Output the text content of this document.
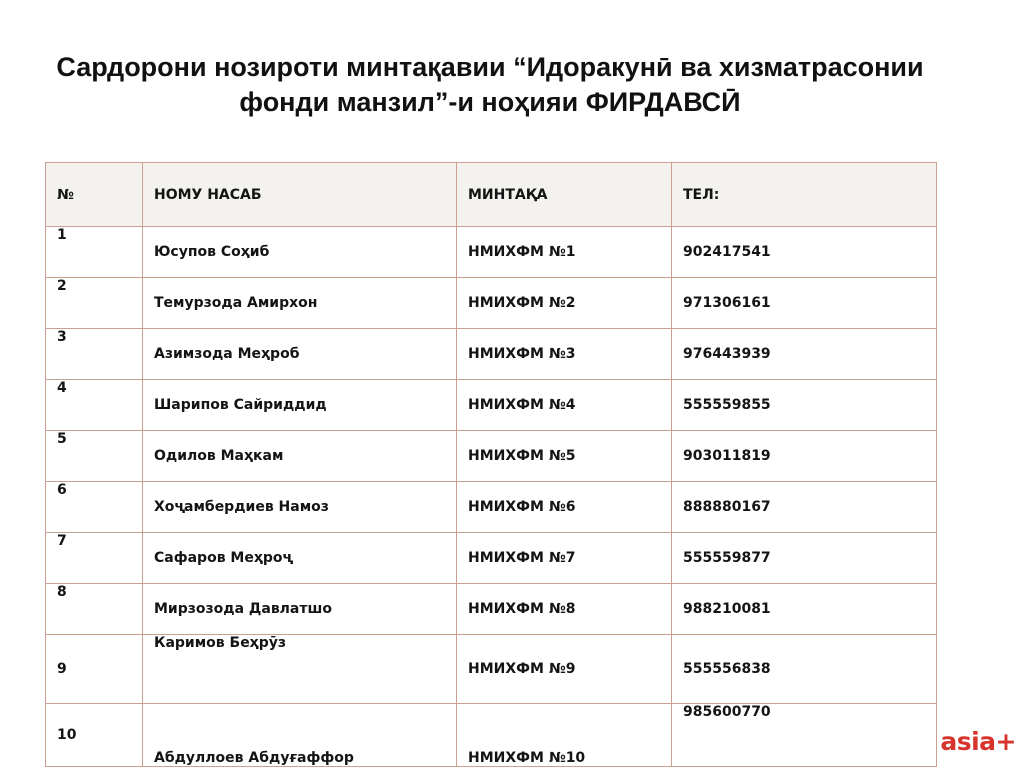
Сардорони нозироти минтақавии “Идоракунӣ ва хизматрасонии
фонди манзил”-и ноҳияи ФИРДАВСӢ
№	НОМУ НАСАБ	МИНТАҚА	ТЕЛ:
1	Юсупов Соҳиб	НМИХФМ №1	902417541
2	Темурзода Амирхон	НМИХФМ №2	971306161
3	Азимзода Меҳроб	НМИХФМ №3	976443939
4	Шарипов Сайриддид	НМИХФМ №4	555559855
5	Одилов Маҳкам	НМИХФМ №5	903011819
6	Хоҷамбердиев Намоз	НМИХФМ №6	888880167
7	Сафаров Меҳроҷ	НМИХФМ №7	555559877
8	Мирзозода Давлатшо	НМИХФМ №8	988210081
9	Каримов Беҳрӯз	НМИХФМ №9	555556838
10	Абдуллоев Абдуғаффор	НМИХФМ №10	985600770
asia+
